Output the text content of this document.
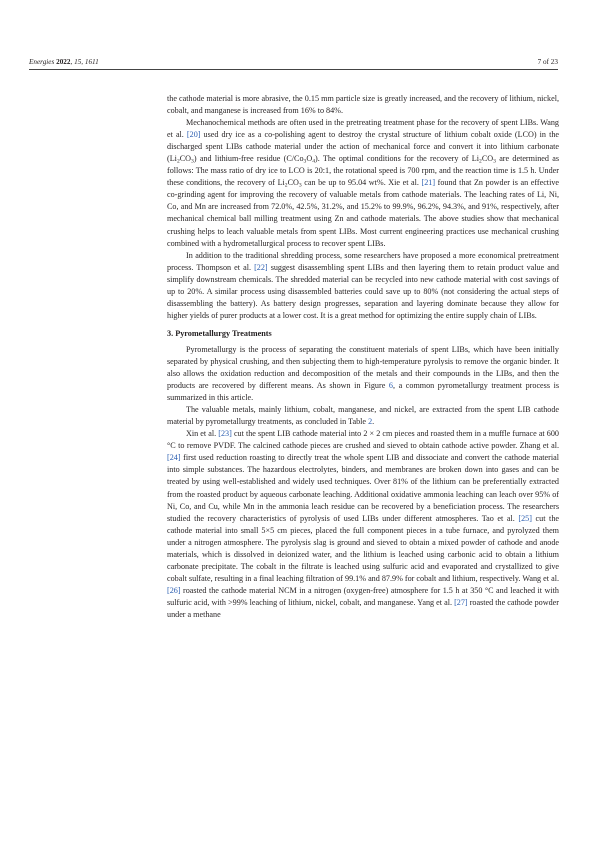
Energies 2022, 15, 1611	7 of 23

the cathode material is more abrasive, the 0.15 mm particle size is greatly increased, and the recovery of lithium, nickel, cobalt, and manganese is increased from 16% to 84%.

Mechanochemical methods are often used in the pretreating treatment phase for the recovery of spent LIBs. Wang et al. [20] used dry ice as a co-polishing agent to destroy the crystal structure of lithium cobalt oxide (LCO) in the discharged spent LIBs cathode material under the action of mechanical force and convert it into lithium carbonate $(Li_2CO_3)$ and lithium-free residue $(C/Co_3O_4)$. The optimal conditions for the recovery of $Li_2CO_3$ are determined as follows: The mass ratio of dry ice to LCO is 20:1, the rotational speed is 700 rpm, and the reaction time is 1.5 h. Under these conditions, the recovery of $Li_2CO_3$ can be up to 95.04 wt%. Xie et al. [21] found that Zn powder is an effective co-grinding agent for improving the recovery of valuable metals from cathode materials. The leaching rates of Li, Ni, Co, and Mn are increased from 72.0%, 42.5%, 31.2%, and 15.2% to 99.9%, 96.2%, 94.3%, and 91%, respectively, after mechanical chemical ball milling treatment using Zn and cathode materials. The above studies show that mechanical crushing helps to leach valuable metals from spent LIBs. Most current engineering practices use mechanical crushing combined with a hydrometallurgical process to recover spent LIBs.

In addition to the traditional shredding process, some researchers have proposed a more economical pretreatment process. Thompson et al. [22] suggest disassembling spent LIBs and then layering them to retain product value and simplify downstream chemicals. The shredded material can be recycled into new cathode material with cost savings of up to 20%. A similar process using disassembled batteries could save up to 80% (not considering the actual steps of disassembling the battery). As battery design progresses, separation and layering dominate because they allow for higher yields of purer products at a lower cost. It is a great method for optimizing the entire supply chain of LIBs.

3. Pyrometallurgy Treatments

Pyrometallurgy is the process of separating the constituent materials of spent LIBs, which have been initially separated by physical crushing, and then subjecting them to high-temperature pyrolysis to remove the organic binder. It also allows the oxidation reduction and decomposition of the metals and their compounds in the LIBs, and then the products are recovered by different means. As shown in Figure 6, a common pyrometallurgy treatment process is summarized in this article.

The valuable metals, mainly lithium, cobalt, manganese, and nickel, are extracted from the spent LIB cathode material by pyrometallurgy treatments, as concluded in Table 2.

Xin et al. [23] cut the spent LIB cathode material into 2 × 2 cm pieces and roasted them in a muffle furnace at 600 °C to remove PVDF. The calcined cathode pieces are crushed and sieved to obtain cathode active powder. Zhang et al. [24] first used reduction roasting to directly treat the whole spent LIB and dissociate and convert the cathode material into simple substances. The hazardous electrolytes, binders, and membranes are broken down into gases and can be treated by using well-established and widely used techniques. Over 81% of the lithium can be preferentially extracted from the roasted product by aqueous carbonate leaching. Additional oxidative ammonia leaching can leach over 95% of Ni, Co, and Cu, while Mn in the ammonia leach residue can be recovered by a beneficiation process. The researchers studied the recovery characteristics of pyrolysis of used LIBs under different atmospheres. Tao et al. [25] cut the cathode material into small 5×5 cm pieces, placed the full component pieces in a tube furnace, and pyrolyzed them under a nitrogen atmosphere. The pyrolysis slag is ground and sieved to obtain a mixed powder of cathode and anode materials, which is dissolved in deionized water, and the lithium is leached using carbonic acid to obtain a lithium carbonate precipitate. The cobalt in the filtrate is leached using sulfuric acid and evaporated and crystallized to give cobalt sulfate, resulting in a final leaching filtration of 99.1% and 87.9% for cobalt and lithium, respectively. Wang et al. [26] roasted the cathode material NCM in a nitrogen (oxygen-free) atmosphere for 1.5 h at 350 °C and leached it with sulfuric acid, with >99% leaching of lithium, nickel, cobalt, and manganese. Yang et al. [27] roasted the cathode powder under a methane
